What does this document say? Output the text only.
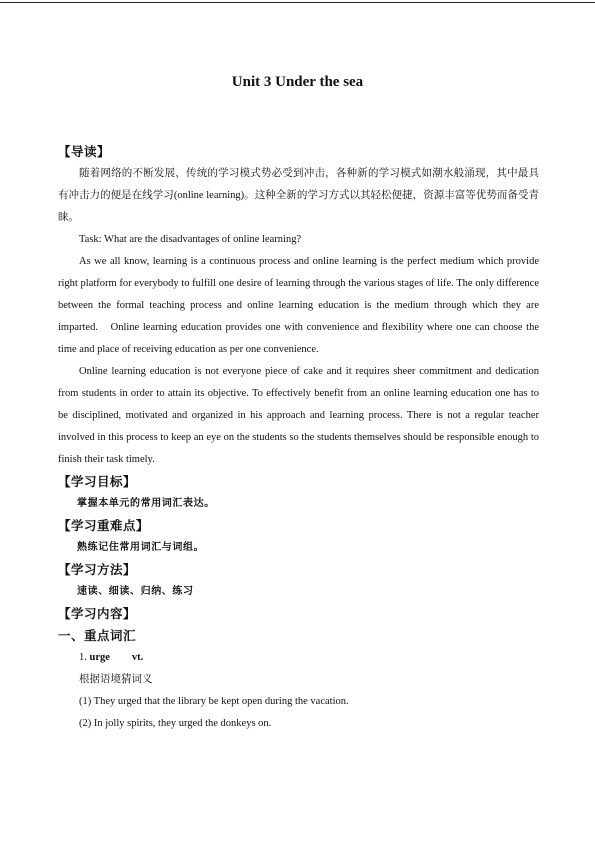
Unit 3 Under the sea

【导读】

随着网络的不断发展，传统的学习模式势必受到冲击，各种新的学习模式如潮水般涌现，其中最具有冲击力的便是在线学习(online learning)。这种全新的学习方式以其轻松便捷，资源丰富等优势而备受青睐。

Task: What are the disadvantages of online learning?

As we all know, learning is a continuous process and online learning is the perfect medium which provide right platform for everybody to fulfill one desire of learning through the various stages of life. The only difference between the formal teaching process and online learning education is the medium through which they are imparted.　Online learning education provides one with convenience and flexibility where one can choose the time and place of receiving education as per one convenience.

Online learning education is not everyone piece of cake and it requires sheer commitment and dedication from students in order to attain its objective. To effectively benefit from an online learning education one has to be disciplined, motivated and organized in his approach and learning process. There is not a regular teacher involved in this process to keep an eye on the students so the students themselves should be responsible enough to finish their task timely.

【学习目标】

掌握本单元的常用词汇表达。

【学习重难点】

熟练记住常用词汇与词组。

【学习方法】

速读、细读、归纳、练习

【学习内容】

一、重点词汇

1. urge vt.

根据语境猜词义

(1) They urged that the library be kept open during the vacation.

(2) In jolly spirits, they urged the donkeys on.
